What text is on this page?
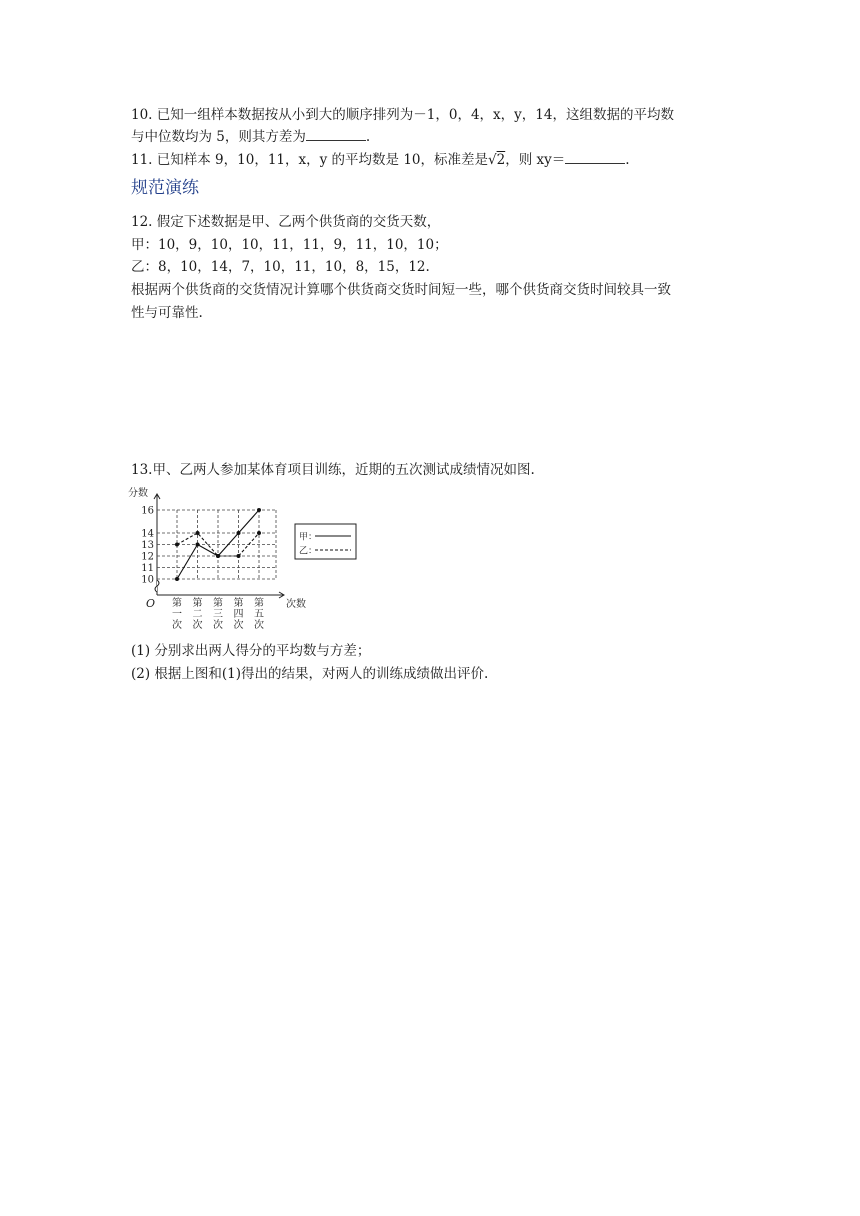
10. 已知一组样本数据按从小到大的顺序排列为－1，0，4，x，y，14，这组数据的平均数
与中位数均为 5，则其方差为	.
11. 已知样本 9，10，11，x，y 的平均数是 10，标准差是√2，则 xy＝	.
规范演练
12. 假定下述数据是甲、乙两个供货商的交货天数，
甲：10，9，10，10，11，11，9，11，10，10；
乙：8，10，14，7，10，11，10，8，15，12.
根据两个供货商的交货情况计算哪个供货商交货时间短一些，哪个供货商交货时间较具一致
性与可靠性.
13.甲、乙两人参加某体育项目训练，近期的五次测试成绩情况如图.
分数
次数
O
10
11
12
13
14
16
第
一
次
第
二
次
第
三
次
第
四
次
第
五
次
甲：
乙：
(1) 分别求出两人得分的平均数与方差；
(2) 根据上图和(1)得出的结果，对两人的训练成绩做出评价.
